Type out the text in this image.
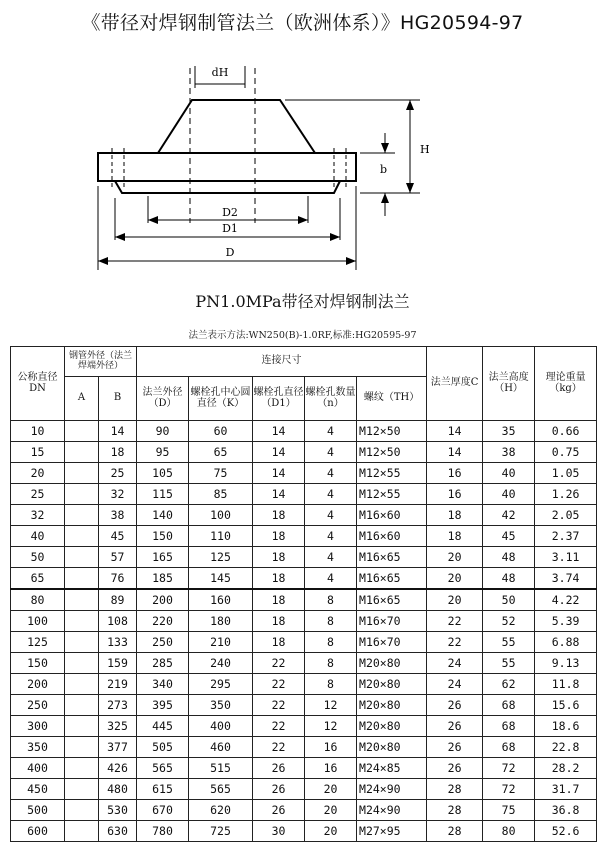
《带径对焊钢制管法兰（欧洲体系）》HG20594-97
dH
H
b
D2
D1
D
PN1.0MPa带径对焊钢制法兰
法兰表示方法:WN250(B)-1.0RF,标准:HG20595-97
公称直径DN	钢管外径（法兰焊端外径）		连接尺寸					法兰厚度C	法兰高度（H）	理论重量（kg）
	A	B	法兰外径（D）	螺栓孔中心圆直径（K）	螺栓孔直径（D1）	螺栓孔数量（n）	螺纹（TH）			
10		14	90	60	14	4	M12×50	14	35	0.66
15		18	95	65	14	4	M12×50	14	38	0.75
20		25	105	75	14	4	M12×55	16	40	1.05
25		32	115	85	14	4	M12×55	16	40	1.26
32		38	140	100	18	4	M16×60	18	42	2.05
40		45	150	110	18	4	M16×60	18	45	2.37
50		57	165	125	18	4	M16×65	20	48	3.11
65		76	185	145	18	4	M16×65	20	48	3.74
80		89	200	160	18	8	M16×65	20	50	4.22
100		108	220	180	18	8	M16×70	22	52	5.39
125		133	250	210	18	8	M16×70	22	55	6.88
150		159	285	240	22	8	M20×80	24	55	9.13
200		219	340	295	22	8	M20×80	24	62	11.8
250		273	395	350	22	12	M20×80	26	68	15.6
300		325	445	400	22	12	M20×80	26	68	18.6
350		377	505	460	22	16	M20×80	26	68	22.8
400		426	565	515	26	16	M24×85	26	72	28.2
450		480	615	565	26	20	M24×90	28	72	31.7
500		530	670	620	26	20	M24×90	28	75	36.8
600		630	780	725	30	20	M27×95	28	80	52.6
